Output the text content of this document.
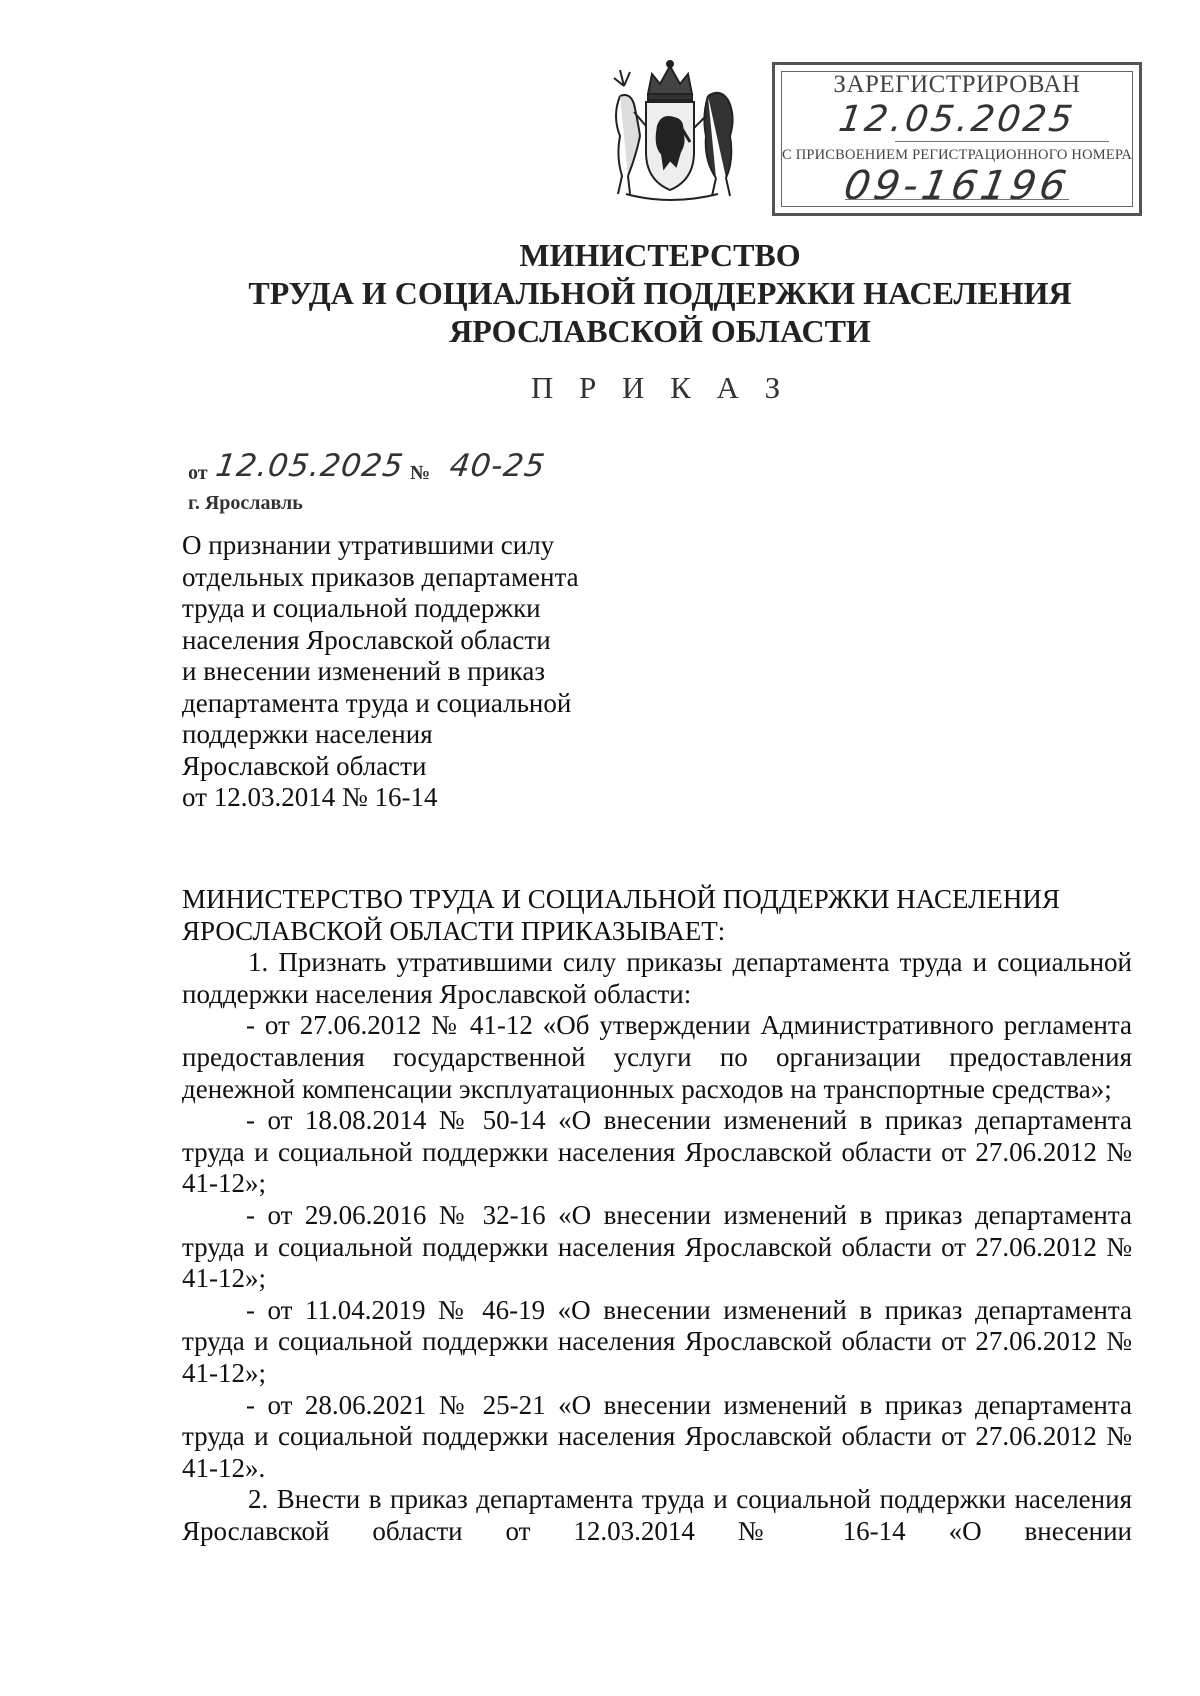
ЗАРЕГИСТРИРОВАН
12.05.2025
С ПРИСВОЕНИЕМ РЕГИСТРАЦИОННОГО НОМЕРА
09-16196
МИНИСТЕРСТВО
ТРУДА И СОЦИАЛЬНОЙ ПОДДЕРЖКИ НАСЕЛЕНИЯ
ЯРОСЛАВСКОЙ ОБЛАСТИ
П Р И К А З
от 12.05.2025 № 40-25
г. Ярославль
О признании утратившими силу
отдельных приказов департамента
труда и социальной поддержки
населения Ярославской области
и внесении изменений в приказ
департамента труда и социальной
поддержки населения
Ярославской области
от 12.03.2014 № 16-14
МИНИСТЕРСТВО ТРУДА И СОЦИАЛЬНОЙ ПОДДЕРЖКИ НАСЕЛЕНИЯ
ЯРОСЛАВСКОЙ ОБЛАСТИ ПРИКАЗЫВАЕТ:

1. Признать утратившими силу приказы департамента труда и социальной поддержки населения Ярославской области:

- от 27.06.2012 № 41-12 «Об утверждении Административного регламента предоставления государственной услуги по организации предоставления денежной компенсации эксплуатационных расходов на транспортные средства»;

- от 18.08.2014 № 50-14 «О внесении изменений в приказ департамента труда и социальной поддержки населения Ярославской области от 27.06.2012 № 41-12»;

- от 29.06.2016 № 32-16 «О внесении изменений в приказ департамента труда и социальной поддержки населения Ярославской области от 27.06.2012 № 41-12»;

- от 11.04.2019 № 46-19 «О внесении изменений в приказ департамента труда и социальной поддержки населения Ярославской области от 27.06.2012 № 41-12»;

- от 28.06.2021 № 25-21 «О внесении изменений в приказ департамента труда и социальной поддержки населения Ярославской области от 27.06.2012 № 41-12».

2. Внести в приказ департамента труда и социальной поддержки населения Ярославской области от 12.03.2014 № 16-14 «О внесении
